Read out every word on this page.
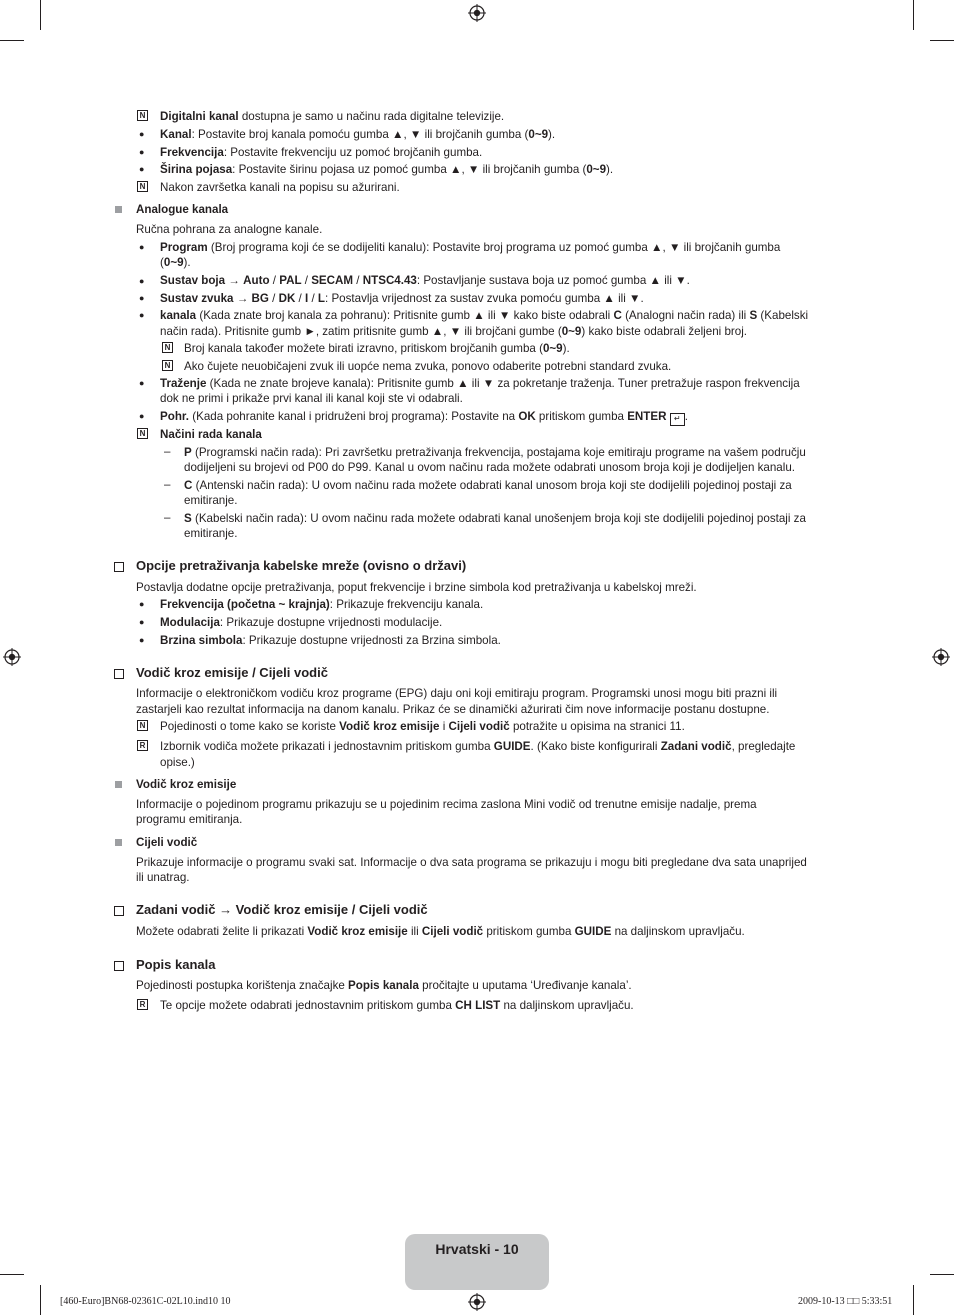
N Digitalni kanal dostupna je samo u načinu rada digitalne televizije.
● Kanal: Postavite broj kanala pomoću gumba ▲, ▼ ili brojčanih gumba (0~9).
● Frekvencija: Postavite frekvenciju uz pomoć brojčanih gumba.
● Širina pojasa: Postavite širinu pojasa uz pomoć gumba ▲, ▼ ili brojčanih gumba (0~9).
N Nakon završetka kanali na popisu su ažurirani.
Analogue kanala
Ručna pohrana za analogne kanale.
● Program (Broj programa koji će se dodijeliti kanalu): Postavite broj programa uz pomoć gumba ▲, ▼ ili brojčanih gumba
(0~9).
● Sustav boja → Auto / PAL / SECAM / NTSC4.43: Postavljanje sustava boja uz pomoć gumba ▲ ili ▼.
● Sustav zvuka → BG / DK / I / L: Postavlja vrijednost za sustav zvuka pomoću gumba ▲ ili ▼.
● kanala (Kada znate broj kanala za pohranu): Pritisnite gumb ▲ ili ▼ kako biste odabrali C (Analogni način rada) ili S (Kabelski
način rada). Pritisnite gumb ►, zatim pritisnite gumb ▲, ▼ ili brojčani gumbe (0~9) kako biste odabrali željeni broj.
N Broj kanala također možete birati izravno, pritiskom brojčanih gumba (0~9).
N Ako čujete neuobičajeni zvuk ili uopće nema zvuka, ponovo odaberite potrebni standard zvuka.
● Traženje (Kada ne znate brojeve kanala): Pritisnite gumb ▲ ili ▼ za pokretanje traženja. Tuner pretražuje raspon frekvencija
dok ne primi i prikaže prvi kanal ili kanal koji ste vi odabrali.
● Pohr. (Kada pohranite kanal i pridruženi broj programa): Postavite na OK pritiskom gumba ENTER ↵ .
N Načini rada kanala
– P (Programski način rada): Pri završetku pretraživanja frekvencija, postajama koje emitiraju programe na vašem području
dodijeljeni su brojevi od P00 do P99. Kanal u ovom načinu rada možete odabrati unosom broja koji je dodijeljen kanalu.
– C (Antenski način rada): U ovom načinu rada možete odabrati kanal unosom broja koji ste dodijelili pojedinoj postaji za
emitiranje.
– S (Kabelski način rada): U ovom načinu rada možete odabrati kanal unošenjem broja koji ste dodijelili pojedinoj postaji za
emitiranje.
Opcije pretraživanja kabelske mreže (ovisno o državi)
Postavlja dodatne opcije pretraživanja, poput frekvencije i brzine simbola kod pretraživanja u kabelskoj mreži.
● Frekvencija (početna ~ krajnja): Prikazuje frekvenciju kanala.
● Modulacija: Prikazuje dostupne vrijednosti modulacije.
● Brzina simbola: Prikazuje dostupne vrijednosti za Brzina simbola.
Vodič kroz emisije / Cijeli vodič
Informacije o elektroničkom vodiču kroz programe (EPG) daju oni koji emitiraju program. Programski unosi mogu biti prazni ili
zastarjeli kao rezultat informacija na danom kanalu. Prikaz će se dinamički ažurirati čim nove informacije postanu dostupne.
N Pojedinosti o tome kako se koriste Vodič kroz emisije i Cijeli vodič potražite u opisima na stranici 11.
R Izbornik vodiča možete prikazati i jednostavnim pritiskom gumba GUIDE. (Kako biste konfigurirali Zadani vodič, pregledajte
opise.)
Vodič kroz emisije
Informacije o pojedinom programu prikazuju se u pojedinim recima zaslona Mini vodič od trenutne emisije nadalje, prema
programu emitiranja.
Cijeli vodič
Prikazuje informacije o programu svaki sat. Informacije o dva sata programa se prikazuju i mogu biti pregledane dva sata unaprijed
ili unatrag.
Zadani vodič → Vodič kroz emisije / Cijeli vodič
Možete odabrati želite li prikazati Vodič kroz emisije ili Cijeli vodič pritiskom gumba GUIDE na daljinskom upravljaču.
Popis kanala
Pojedinosti postupka korištenja značajke Popis kanala pročitajte u uputama ‘Uređivanje kanala’.
R Te opcije možete odabrati jednostavnim pritiskom gumba CH LIST na daljinskom upravljaču.
Hrvatski - 10
[460-Euro]BN68-02361C-02L10.ind10 10	2009-10-13 □□ 5:33:51
